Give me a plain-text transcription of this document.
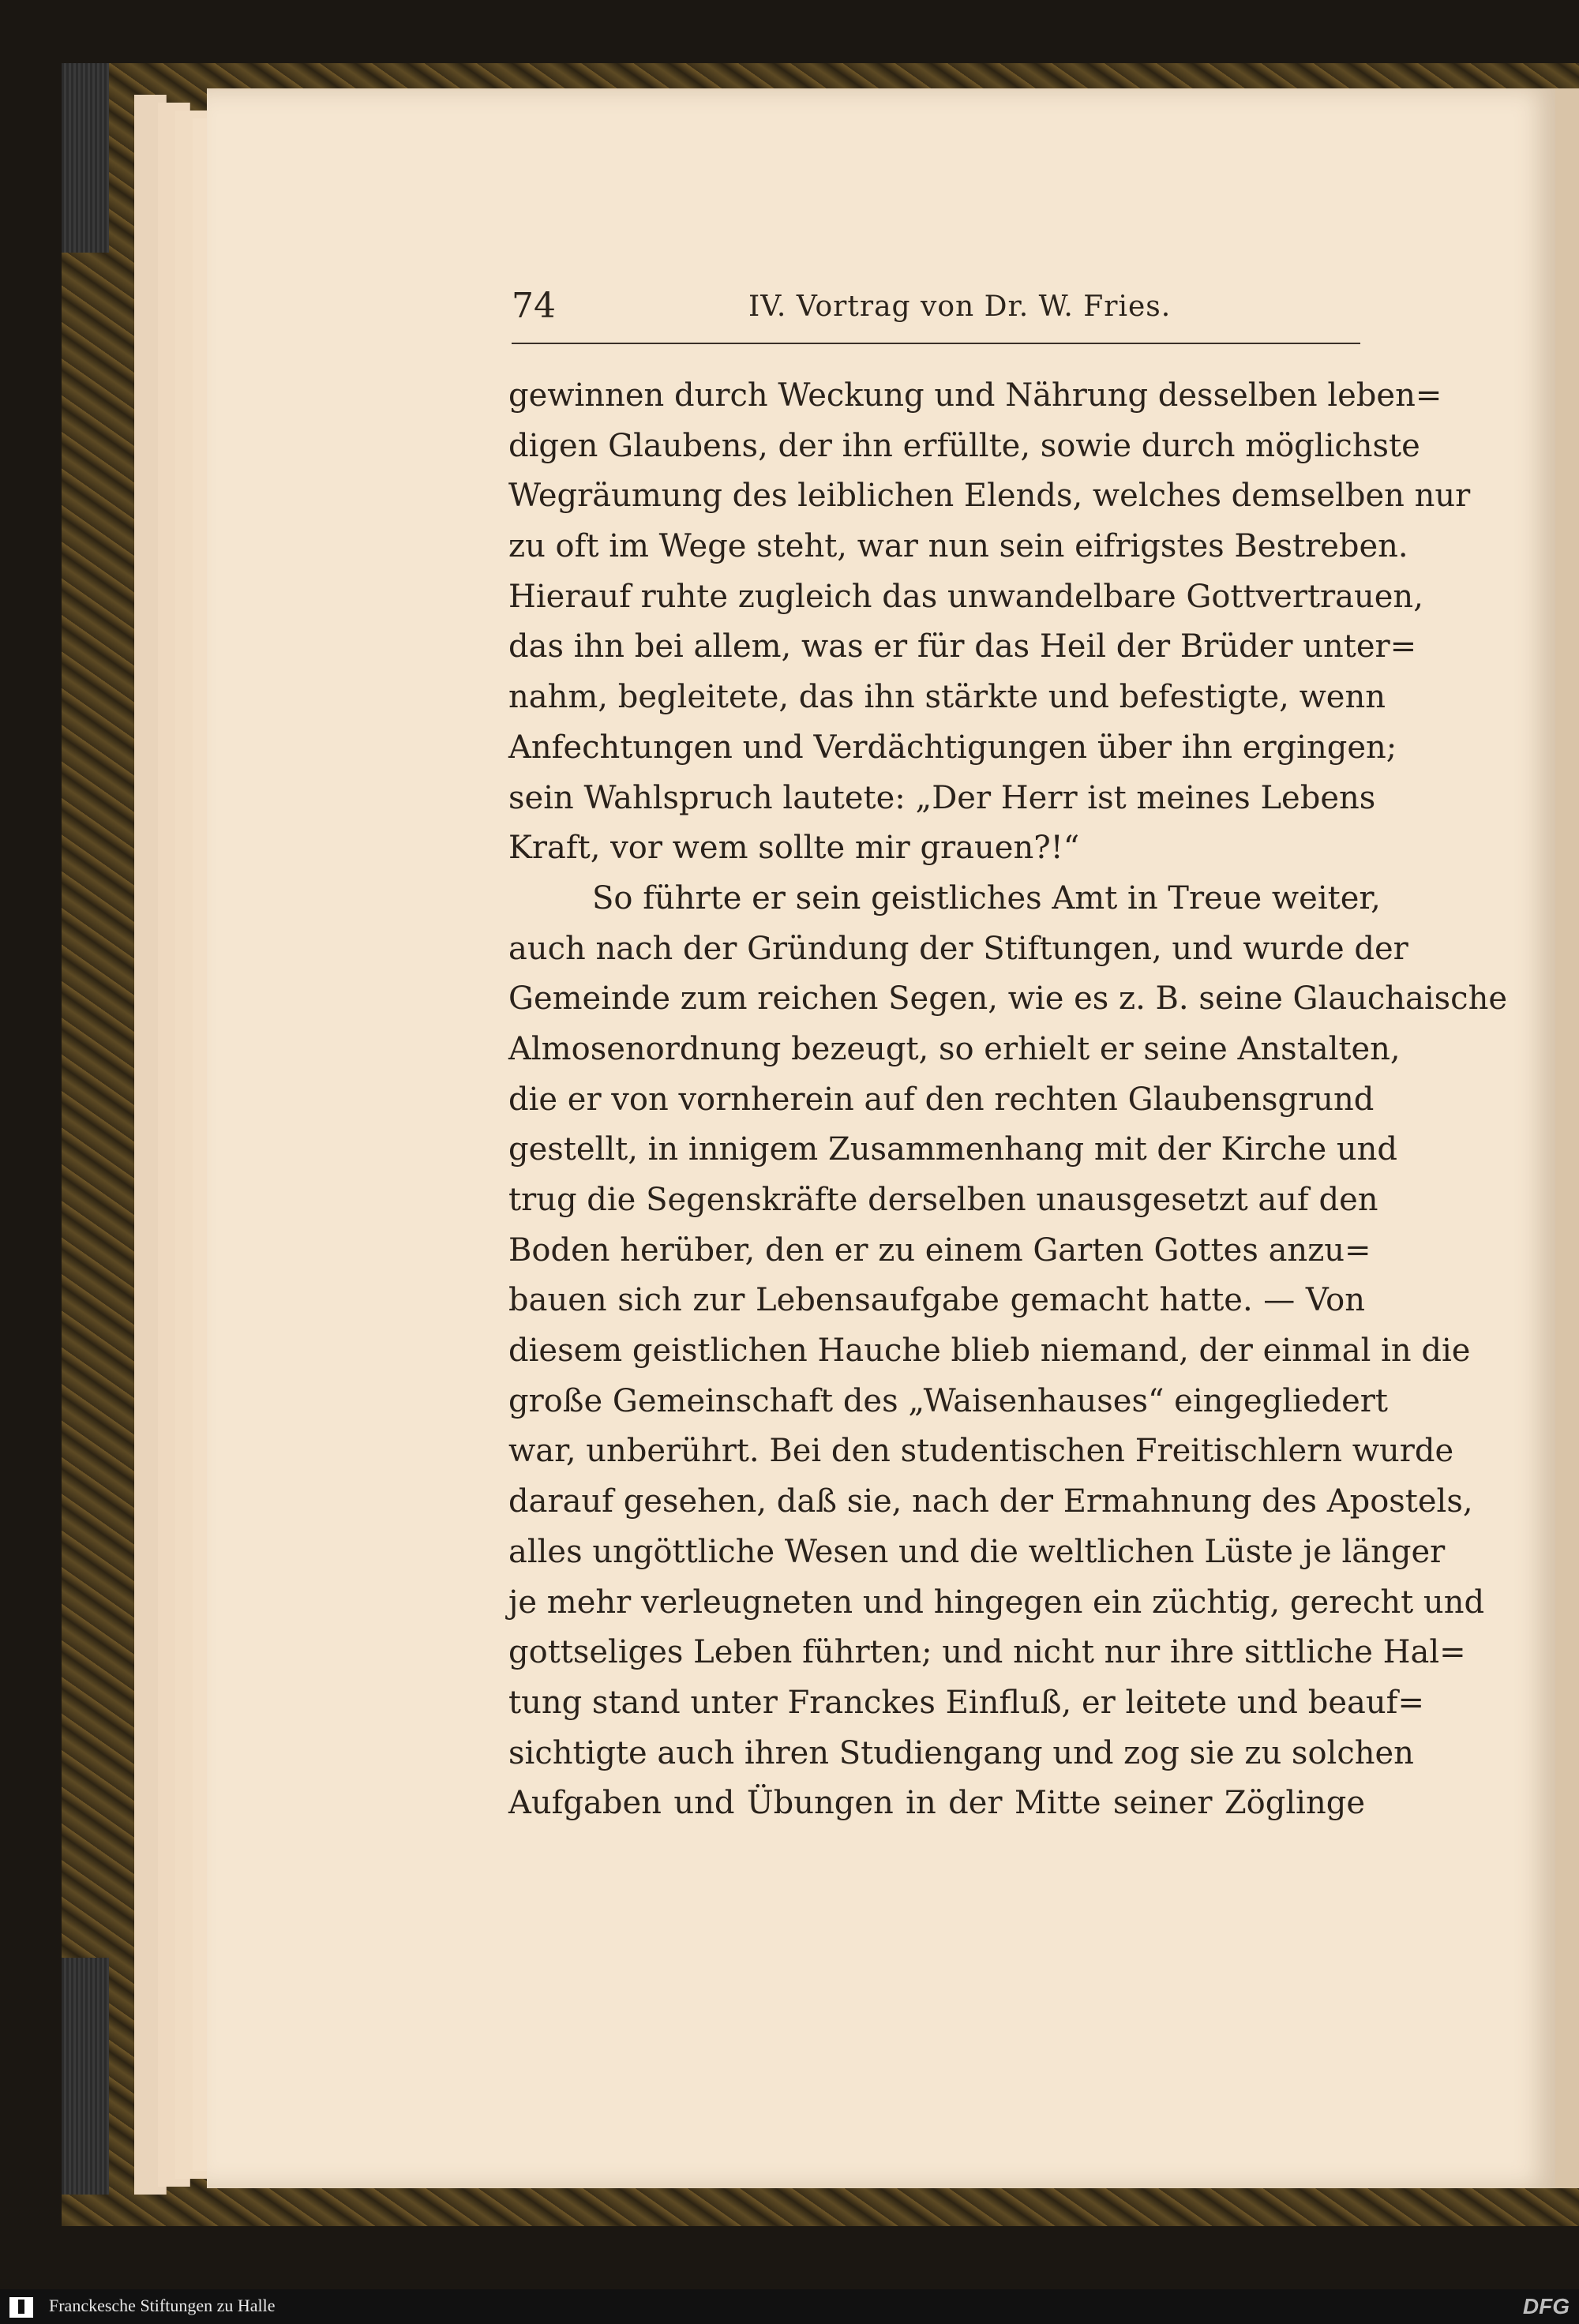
74	IV. Vortrag von Dr. W. Fries.
gewinnen durch Weckung und Nährung desselben leben=
digen Glaubens, der ihn erfüllte, sowie durch möglichste
Wegräumung des leiblichen Elends, welches demselben nur
zu oft im Wege steht, war nun sein eifrigstes Bestreben.
Hierauf ruhte zugleich das unwandelbare Gottvertrauen,
das ihn bei allem, was er für das Heil der Brüder unter=
nahm, begleitete, das ihn stärkte und befestigte, wenn
Anfechtungen und Verdächtigungen über ihn ergingen;
sein Wahlspruch lautete: „Der Herr ist meines Lebens
Kraft, vor wem sollte mir grauen?!“
So führte er sein geistliches Amt in Treue weiter,
auch nach der Gründung der Stiftungen, und wurde der
Gemeinde zum reichen Segen, wie es z. B. seine Glauchaische
Almosenordnung bezeugt, so erhielt er seine Anstalten,
die er von vornherein auf den rechten Glaubensgrund
gestellt, in innigem Zusammenhang mit der Kirche und
trug die Segenskräfte derselben unausgesetzt auf den
Boden herüber, den er zu einem Garten Gottes anzu=
bauen sich zur Lebensaufgabe gemacht hatte. — Von
diesem geistlichen Hauche blieb niemand, der einmal in die
große Gemeinschaft des „Waisenhauses“ eingegliedert
war, unberührt. Bei den studentischen Freitischlern wurde
darauf gesehen, daß sie, nach der Ermahnung des Apostels,
alles ungöttliche Wesen und die weltlichen Lüste je länger
je mehr verleugneten und hingegen ein züchtig, gerecht und
gottseliges Leben führten; und nicht nur ihre sittliche Hal=
tung stand unter Franckes Einfluß, er leitete und beauf=
sichtigte auch ihren Studiengang und zog sie zu solchen
Aufgaben und Übungen in der Mitte seiner Zöglinge
Franckesche Stiftungen zu Halle	DFG
